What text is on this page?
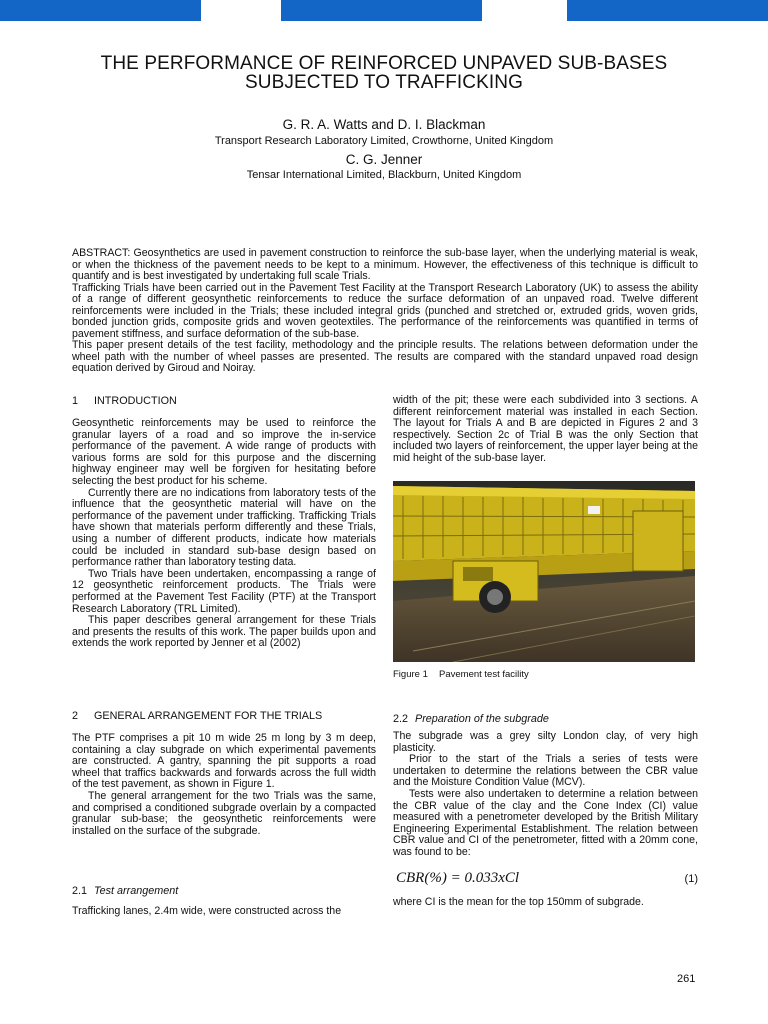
THE PERFORMANCE OF REINFORCED UNPAVED SUB-BASES
SUBJECTED TO TRAFFICKING
G. R. A. Watts and D. I. Blackman
Transport Research Laboratory Limited, Crowthorne, United Kingdom
C. G. Jenner
Tensar International Limited, Blackburn, United Kingdom

ABSTRACT: Geosynthetics are used in pavement construction to reinforce the sub-base layer, when the underlying material is weak, or when the thickness of the pavement needs to be kept to a minimum. However, the effectiveness of this technique is difficult to quantify and is best investigated by undertaking full scale Trials.

Trafficking Trials have been carried out in the Pavement Test Facility at the Transport Research Laboratory (UK) to assess the ability of a range of different geosynthetic reinforcements to reduce the surface deformation of an unpaved road. Twelve different reinforcements were included in the Trials; these included integral grids (punched and stretched or, extruded grids, woven grids, bonded junction grids, composite grids and woven geotextiles. The performance of the reinforcements was quantified in terms of pavement stiffness, and surface deformation of the sub-base.

This paper present details of the test facility, methodology and the principle results. The relations between deformation under the wheel path with the number of wheel passes are presented. The results are compared with the standard unpaved road design equation derived by Giroud and Noiray.

1 INTRODUCTION

Geosynthetic reinforcements may be used to reinforce the granular layers of a road and so improve the in-service performance of the pavement. A wide range of products with various forms are sold for this purpose and the discerning highway engineer may well be forgiven for hesitating before selecting the best product for his scheme.

Currently there are no indications from laboratory tests of the influence that the geosynthetic material will have on the performance of the pavement under trafficking. Trafficking Trials have shown that materials perform differently and these Trials, using a number of different products, indicate how materials could be included in standard sub-base design based on performance rather than laboratory testing data.

Two Trials have been undertaken, encompassing a range of 12 geosynthetic reinforcement products. The Trials were performed at the Pavement Test Facility (PTF) at the Transport Research Laboratory (TRL Limited).

This paper describes general arrangement for these Trials and presents the results of this work. The paper builds upon and extends the work reported by Jenner et al (2002)

2 GENERAL ARRANGEMENT FOR THE TRIALS

The PTF comprises a pit 10 m wide 25 m long by 3 m deep, containing a clay subgrade on which experimental pavements are constructed. A gantry, spanning the pit supports a road wheel that traffics backwards and forwards across the full width of the test pavement, as shown in Figure 1.

The general arrangement for the two Trials was the same, and comprised a conditioned subgrade overlain by a compacted granular sub-base; the geosynthetic reinforcements were installed on the surface of the subgrade.

2.1 Test arrangement

Trafficking lanes, 2.4m wide, were constructed across the

width of the pit; these were each subdivided into 3 sections. A different reinforcement material was installed in each Section. The layout for Trials A and B are depicted in Figures 2 and 3 respectively. Section 2c of Trial B was the only Section that included two layers of reinforcement, the upper layer being at the mid height of the sub-base layer.

Figure 1 Pavement test facility
2.2 Preparation of the subgrade

The subgrade was a grey silty London clay, of very high plasticity.

Prior to the start of the Trials a series of tests were undertaken to determine the relations between the CBR value and the Moisture Condition Value (MCV).

Tests were also undertaken to determine a relation between the CBR value of the clay and the Cone Index (CI) value measured with a penetrometer developed by the British Military Engineering Experimental Establishment. The relation between CBR value and CI of the penetrometer, fitted with a 20mm cone, was found to be:

CBR(%) = 0.033xCl	(1)
where CI is the mean for the top 150mm of subgrade.
261
